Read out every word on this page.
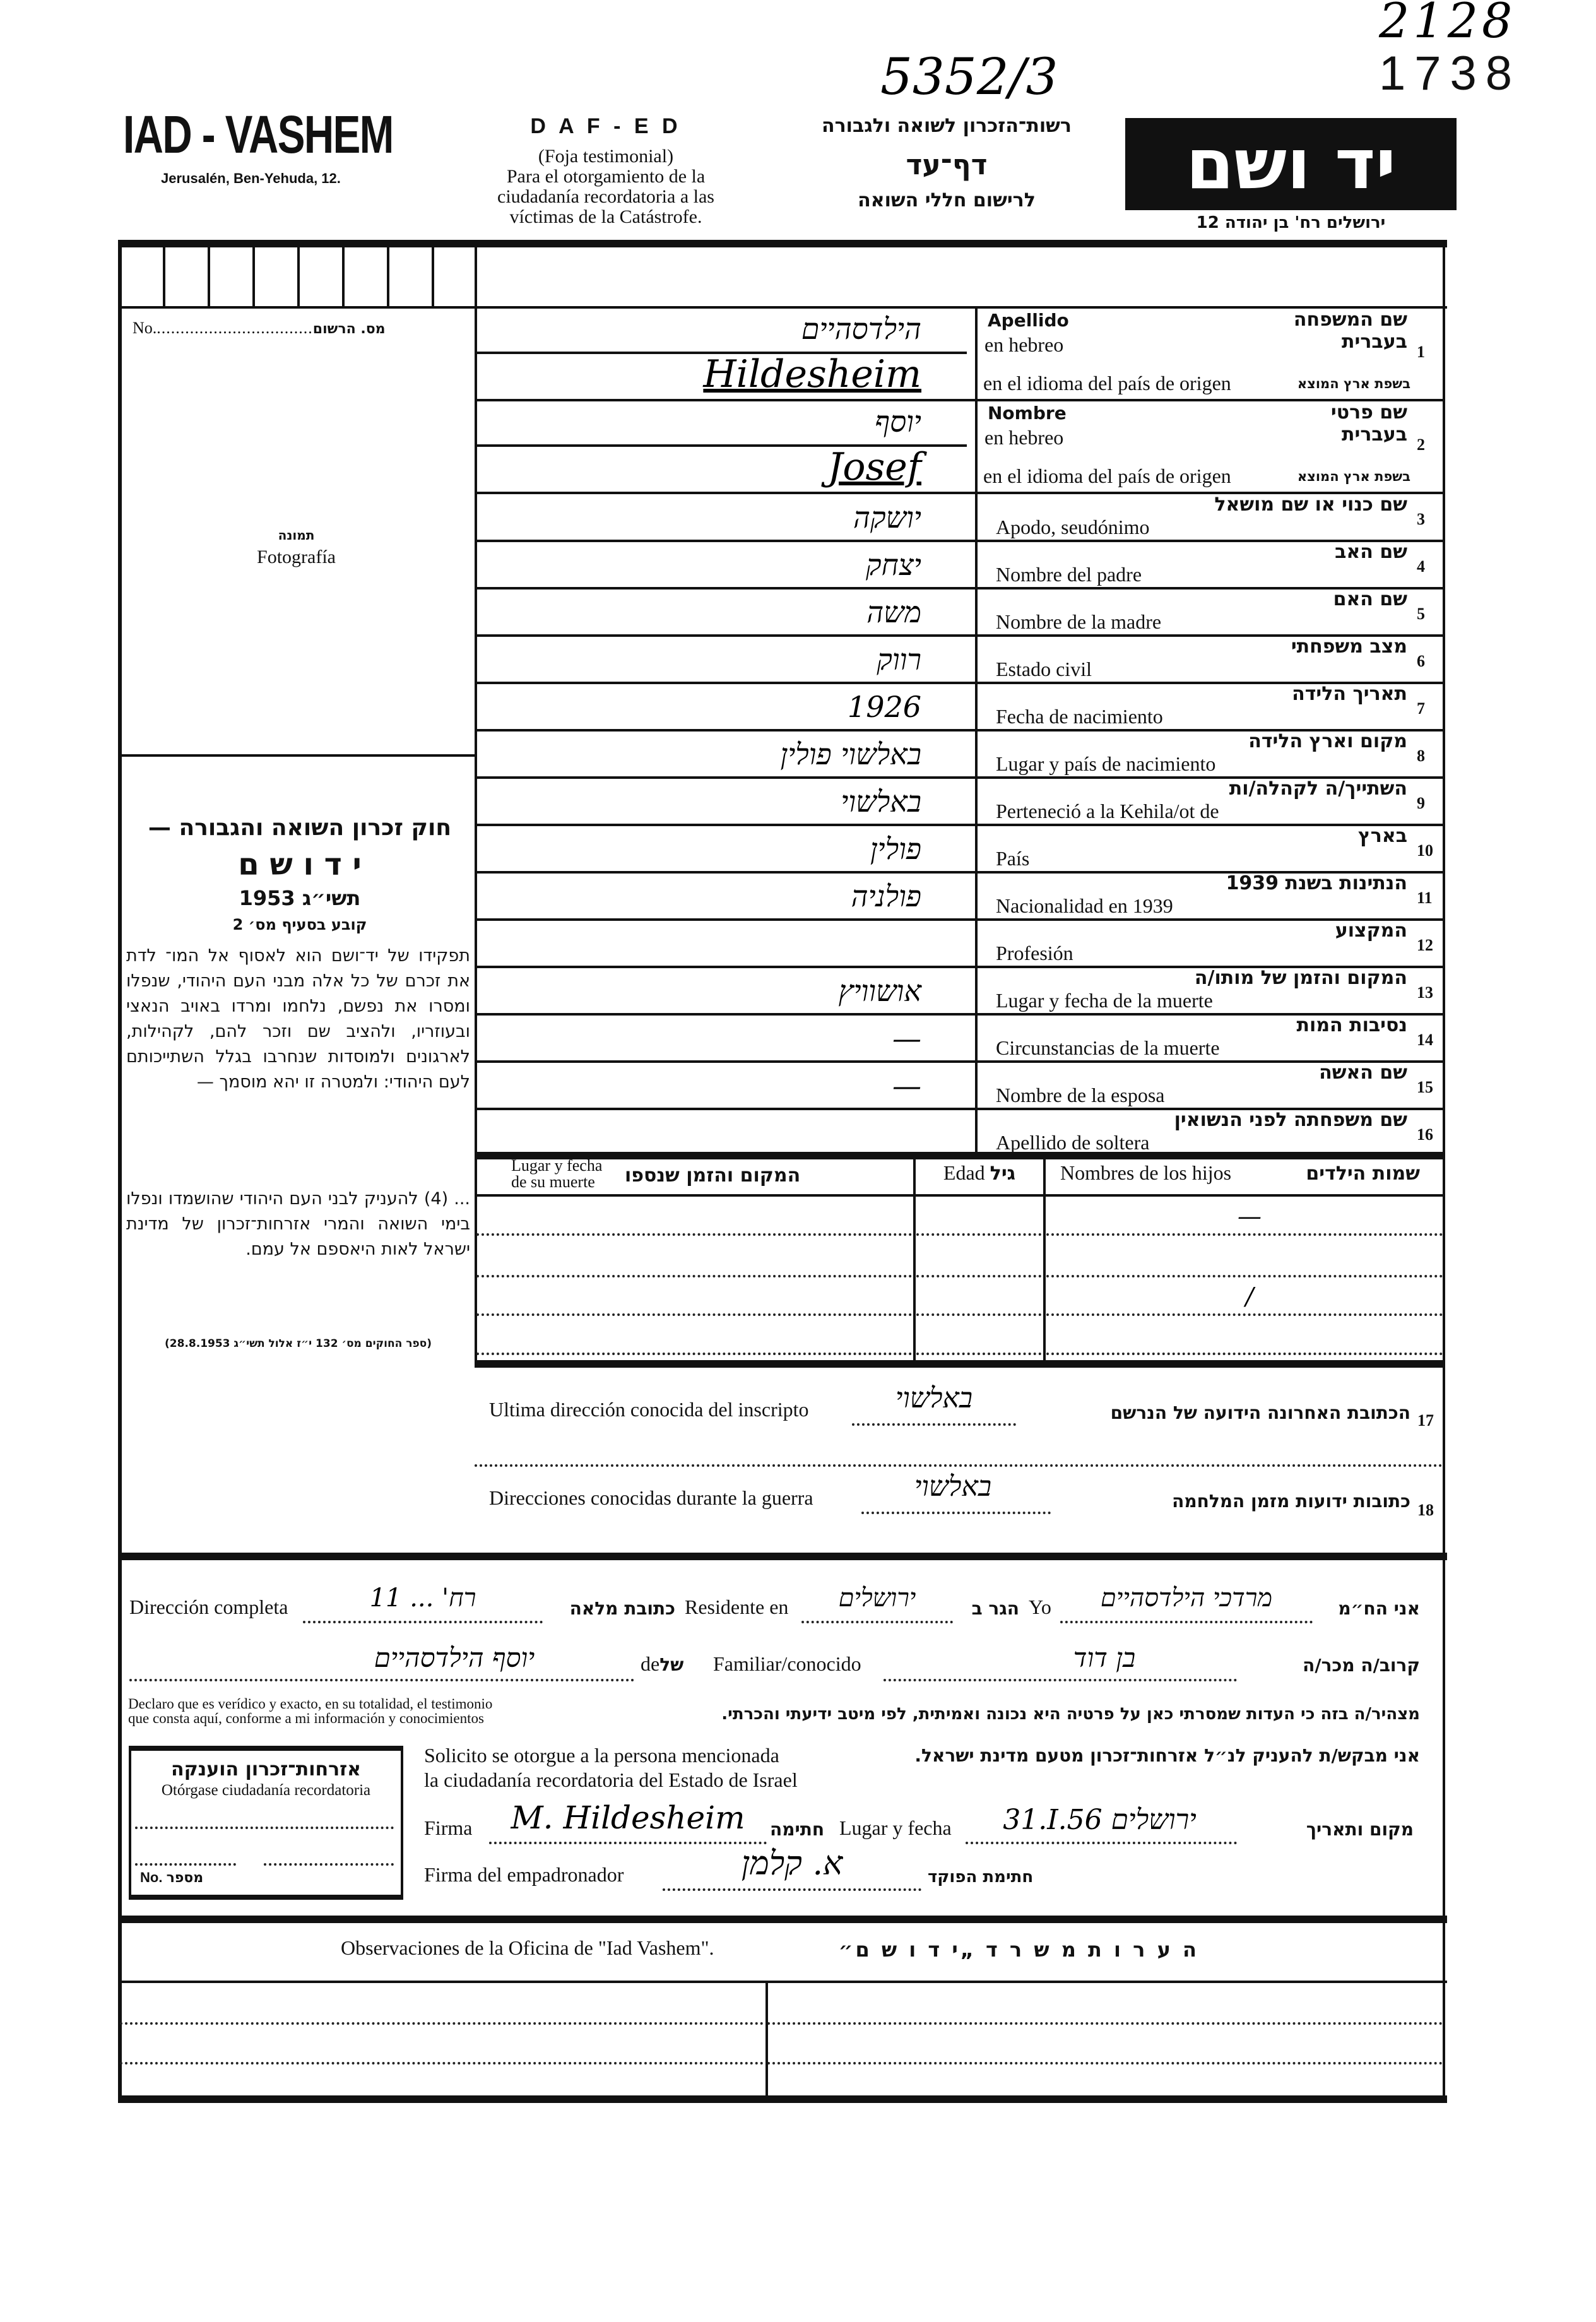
5352/3
2128
1738
IAD - VASHEM
Jerusalén, Ben-Yehuda, 12.
D A F - E D
(Foja testimonial)
Para el otorgamiento de la
ciudadanía recordatoria a las
víctimas de la Catástrofe.
רשות־הזכרון לשואה ולגבורה
דף־עד
לרישום חללי השואה	יד ושם
ירושלים רח' בן יהודה 12
No..................................מס. הרשום
תמונה
Fotografía
חוק זכרון השואה והגבורה —
י ד ו ש ם
תשי״ג 1953
קובע בסעיף מס׳ 2
תפקידו של יד־ושם הוא לאסוף אל המו־ לדת את זכרם של כל אלה מבני העם היהודי, שנפלו ומסרו את נפשם, נלחמו ומרדו באויב הנאצי ובעוזריו, ולהציב שם וזכר להם, לקהילות, לארגונים ולמוסדות שנחרבו בגלל השתייכותם לעם היהודי: ולמטרה זו יהא מוסמך —
... (4) להעניק לבני העם היהודי שהושמדו ונפלו בימי השואה והמרי אזרחות־זכרון של מדינת ישראל לאות היאספם אל עמם.
(ספר החוקים מס׳ 132 י״ז אלול תשי״ג 28.8.1953)
Apellido
en hebreo
שם המשפחה
בעברית 1
en el idioma del país de origen	בשפת ארץ המוצא
הילדסהיים
Hildesheim
Nombre
en hebreo
שם פרטי
בעברית 2
en el idioma del país de origen	בשפת ארץ המוצא
יוסף
Josef
שם כנוי או שם מושאל
Apodo, seudónimo	3
יושקה
שם האב
Nombre del padre	4
יצחק
שם האם
Nombre de la madre	5
משה
מצב משפחתי
Estado civil	6
רווק
תאריך הלידה
Fecha de nacimiento	7
1926
מקום וארץ הלידה
Lugar y país de nacimiento	8
באלשוי פולין
השתייך/ה לקהלה/ות
Perteneció a la Kehila/ot de	9
באלשוי
בארץ
País	10
פולין
הנתינות בשנת 1939
Nacionalidad en 1939	11
פולניה
המקצוע
Profesión	12
המקום והזמן של מותו/ה
Lugar y fecha de la muerte	13
אושוויץ
נסיבות המות
Circunstancias de la muerte	14
—
שם האשה
Nombre de la esposa	15
—
שם משפחתה לפני הנשואין
Apellido de soltera	16
Lugar y fecha de su muerte	המקום והזמן שנספו	Edad גיל	Nombres de los hijos	שמות הילדים
—
/
Ultima dirección conocida del inscripto	באלשוי	הכתובת האחרונה הידועה של הנרשם 17
Direcciones conocidas durante la guerra	באלשוי	כתובות ידועות מזמן המלחמה 18
Dirección completa	רח' ... 11	כתובת מלאה Residente en	ירושלים	הגר ב Yo	מרדכי הילדסהיים	אני הח״מ
יוסף הילדסהיים	deשל Familiar/conocido	בן דוד	קרוב/ה מכר/ה
Declaro que es verídico y exacto, en su totalidad, el testimonio que consta aquí, conforme a mi información y conocimientos	מצהיר/ה בזה כי העדות שמסרתי כאן על פרטיה היא נכונה ואמיתית, לפי מיטב ידיעתי והכרתי.
אזרחות־זכרון הוענקה
Otórgase ciudadanía recordatoria
No. מספר
Solicito se otorgue a la persona mencionada
la ciudadanía recordatoria del Estado de Israel
אני מבקש/ת להעניק לנ״ל אזרחות־זכרון מטעם מדינת ישראל.
Firma	M. Hildesheim	חתימה Lugar y fecha	31.I.56 ירושלים	מקום ותאריך
Firma del empadronador	א. קלמן	חתימת הפוקד
Observaciones de la Oficina de "Iad Vashem".	ה ע ר ו ת מ ש ר ד „י ד ו ש ם״
